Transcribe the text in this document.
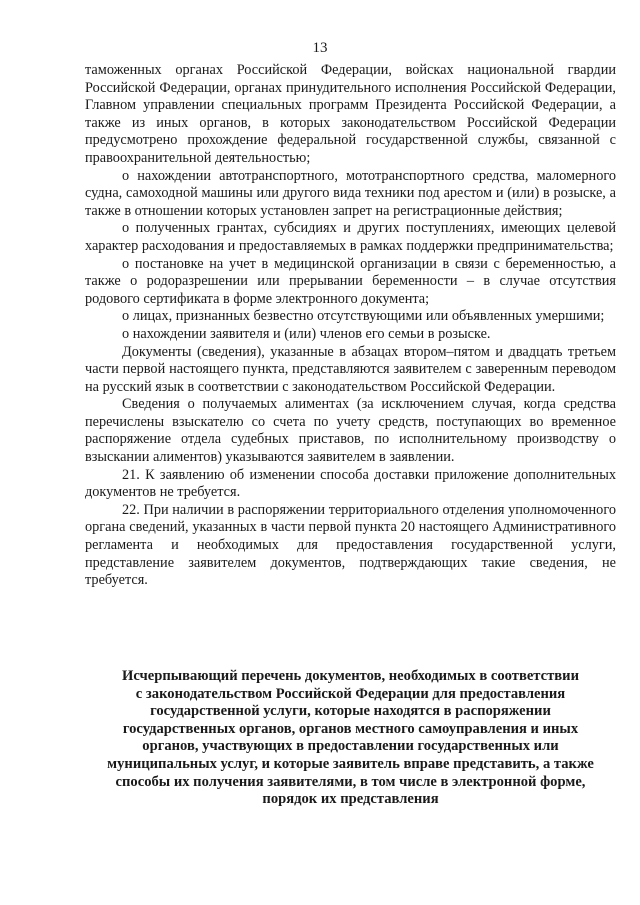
13

таможенных органах Российской Федерации, войсках национальной гвардии Российской Федерации, органах принудительного исполнения Российской Федерации, Главном управлении специальных программ Президента Российской Федерации, а также из иных органов, в которых законодательством Российской Федерации предусмотрено прохождение федеральной государственной службы, связанной с правоохранительной деятельностью;

о нахождении автотранспортного, мототранспортного средства, маломерного судна, самоходной машины или другого вида техники под арестом и (или) в розыске, а также в отношении которых установлен запрет на регистрационные действия;

о полученных грантах, субсидиях и других поступлениях, имеющих целевой характер расходования и предоставляемых в рамках поддержки предпринимательства;

о постановке на учет в медицинской организации в связи с беременностью, а также о родоразрешении или прерывании беременности – в случае отсутствия родового сертификата в форме электронного документа;

о лицах, признанных безвестно отсутствующими или объявленных умершими;

о нахождении заявителя и (или) членов его семьи в розыске.

Документы (сведения), указанные в абзацах втором–пятом и двадцать третьем части первой настоящего пункта, представляются заявителем с заверенным переводом на русский язык в соответствии с законодательством Российской Федерации.

Сведения о получаемых алиментах (за исключением случая, когда средства перечислены взыскателю со счета по учету средств, поступающих во временное распоряжение отдела судебных приставов, по исполнительному производству о взыскании алиментов) указываются заявителем в заявлении.

21. К заявлению об изменении способа доставки приложение дополнительных документов не требуется.

22. При наличии в распоряжении территориального отделения уполномоченного органа сведений, указанных в части первой пункта 20 настоящего Административного регламента и необходимых для предоставления государственной услуги, представление заявителем документов, подтверждающих такие сведения, не требуется.

Исчерпывающий перечень документов, необходимых в соответствии
с законодательством Российской Федерации для предоставления
государственной услуги, которые находятся в распоряжении
государственных органов, органов местного самоуправления и иных
органов, участвующих в предоставлении государственных или
муниципальных услуг, и которые заявитель вправе представить, а также
способы их получения заявителями, в том числе в электронной форме,
порядок их представления
